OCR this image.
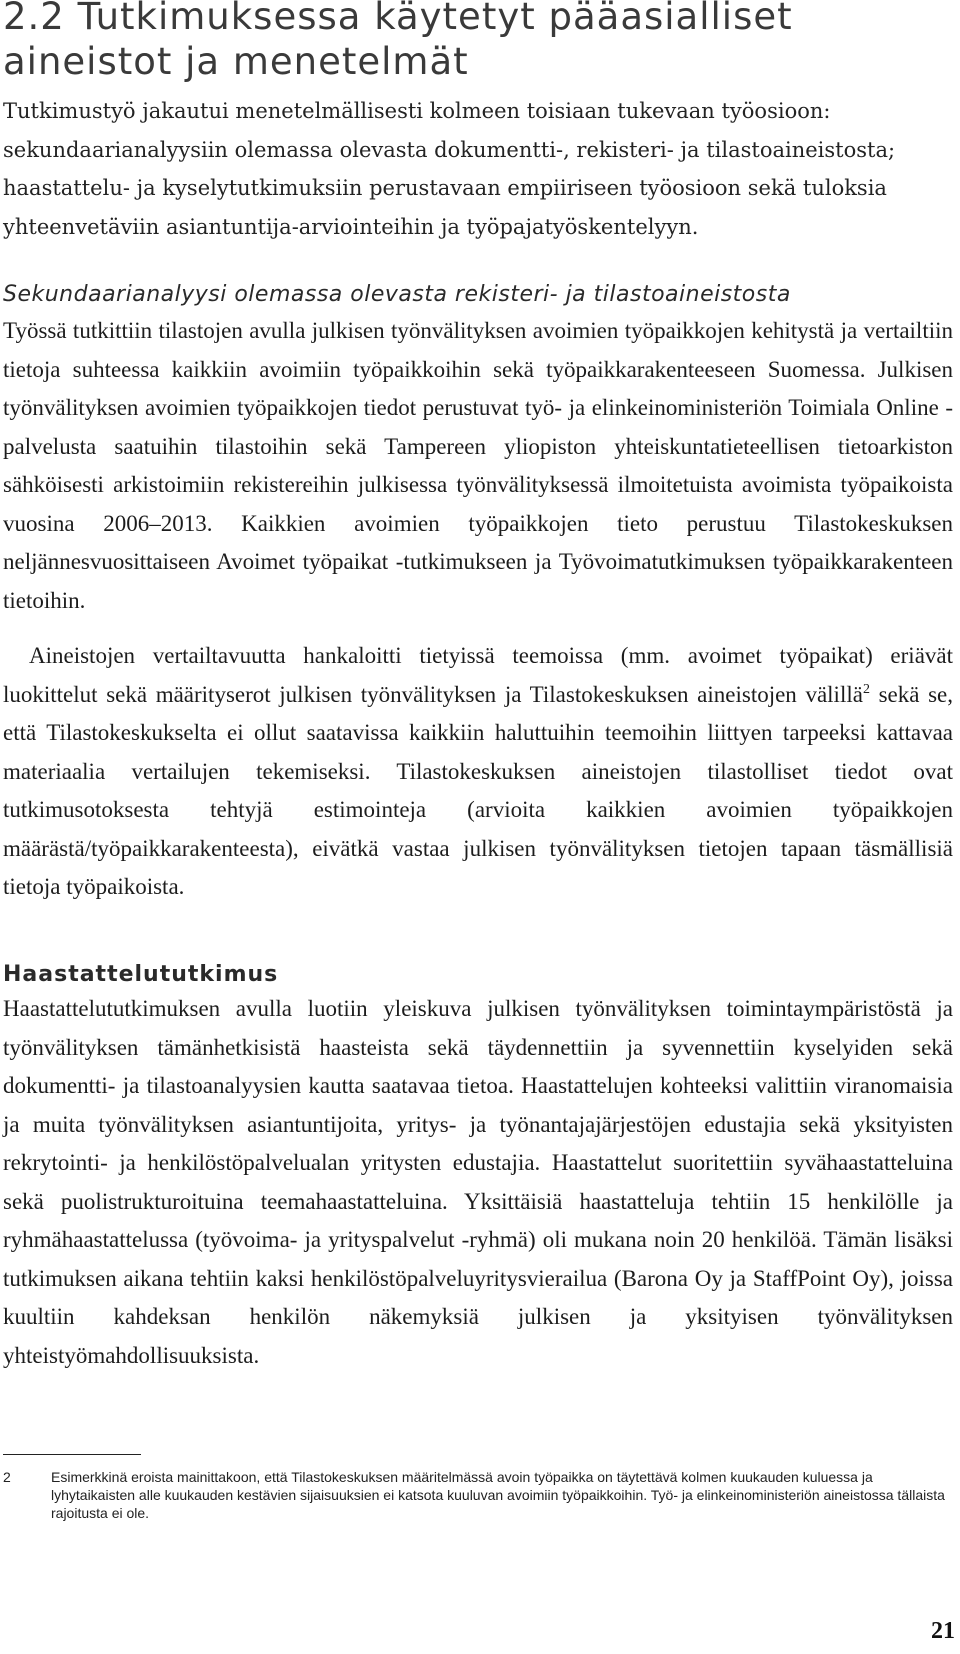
2.2 Tutkimuksessa käytetyt pääasialliset aineistot ja menetelmät

Tutkimustyö jakautui menetelmällisesti kolmeen toisiaan tukevaan työosioon: sekundaarianalyysiin olemassa olevasta dokumentti-, rekisteri- ja tilastoaineistosta; haastattelu- ja kyselytutkimuksiin perustavaan empiiriseen työosioon sekä tuloksia yhteenvetäviin asiantuntija-arviointeihin ja työpajatyöskentelyyn.

Sekundaarianalyysi olemassa olevasta rekisteri- ja tilastoaineistosta

Työssä tutkittiin tilastojen avulla julkisen työnvälityksen avoimien työpaikkojen kehitystä ja vertailtiin tietoja suhteessa kaikkiin avoimiin työpaikkoihin sekä työpaikkarakenteeseen Suomessa. Julkisen työnvälityksen avoimien työpaikkojen tiedot perustuvat työ- ja elinkeinoministeriön Toimiala Online -palvelusta saatuihin tilastoihin sekä Tampereen yliopiston yhteiskuntatieteellisen tietoarkiston sähköisesti arkistoimiin rekistereihin julkisessa työnvälityksessä ilmoitetuista avoimista työpaikoista vuosina 2006–2013. Kaikkien avoimien työpaikkojen tieto perustuu Tilastokeskuksen neljännesvuosittaiseen Avoimet työpaikat -tutkimukseen ja Työvoimatutkimuksen työpaikkarakenteen tietoihin.

Aineistojen vertailtavuutta hankaloitti tietyissä teemoissa (mm. avoimet työpaikat) eriävät luokittelut sekä määrityserot julkisen työnvälityksen ja Tilastokeskuksen aineistojen välillä$^2$ sekä se, että Tilastokeskukselta ei ollut saatavissa kaikkiin haluttuihin teemoihin liittyen tarpeeksi kattavaa materiaalia vertailujen tekemiseksi. Tilastokeskuksen aineistojen tilastolliset tiedot ovat tutkimusotoksesta tehtyjä estimointeja (arvioita kaikkien avoimien työpaikkojen määrästä/työpaikkarakenteesta), eivätkä vastaa julkisen työnvälityksen tietojen tapaan täsmällisiä tietoja työpaikoista.

Haastattelututkimus

Haastattelututkimuksen avulla luotiin yleiskuva julkisen työnvälityksen toimintaympäristöstä ja työnvälityksen tämänhetkisistä haasteista sekä täydennettiin ja syvennettiin kyselyiden sekä dokumentti- ja tilastoanalyysien kautta saatavaa tietoa. Haastattelujen kohteeksi valittiin viranomaisia ja muita työnvälityksen asiantuntijoita, yritys- ja työnantajajärjestöjen edustajia sekä yksityisten rekrytointi- ja henkilöstöpalvelualan yritysten edustajia. Haastattelut suoritettiin syvähaastatteluina sekä puolistrukturoituina teemahaastatteluina. Yksittäisiä haastatteluja tehtiin 15 henkilölle ja ryhmähaastattelussa (työvoima- ja yrityspalvelut -ryhmä) oli mukana noin 20 henkilöä. Tämän lisäksi tutkimuksen aikana tehtiin kaksi henkilöstöpalveluyritysvierailua (Barona Oy ja StaffPoint Oy), joissa kuultiin kahdeksan henkilön näkemyksiä julkisen ja yksityisen työnvälityksen yhteistyömahdollisuuksista.

2	Esimerkkinä eroista mainittakoon, että Tilastokeskuksen määritelmässä avoin työpaikka on täytettävä kolmen kuukauden kuluessa ja lyhytaikaisten alle kuukauden kestävien sijaisuuksien ei katsota kuuluvan avoimiin työpaikkoihin. Työ- ja elinkeinoministeriön aineistossa tällaista rajoitusta ei ole.
21
